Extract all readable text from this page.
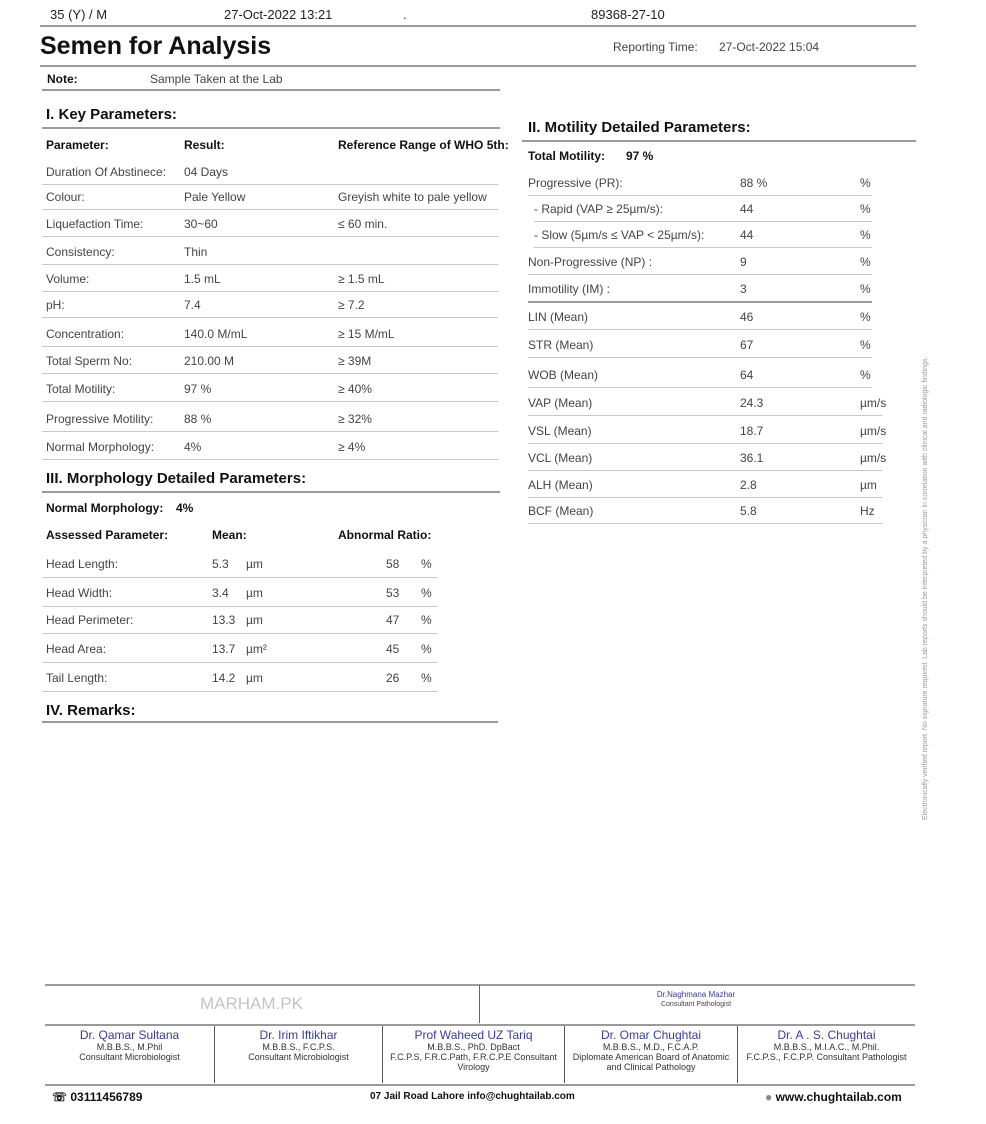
35 (Y) / M	27-Oct-2022 13:21	.	89368-27-10
Semen for Analysis	Reporting Time: 27-Oct-2022 15:04
Note:	Sample Taken at the Lab
I. Key Parameters:
Parameter:	Result:	Reference Range of WHO 5th:
Duration Of Abstinece: 04 Days
Colour:	Pale Yellow	Greyish white to pale yellow
Liquefaction Time:	30~60	≤ 60 min.
Consistency:	Thin
Volume:	1.5 mL	≥ 1.5 mL
pH:	7.4	≥ 7.2
Concentration:	140.0 M/mL	≥ 15 M/mL
Total Sperm No:	210.00 M	≥ 39M
Total Motility:	97 %	≥ 40%
Progressive Motility:	88 %	≥ 32%
Normal Morphology: 4%	≥ 4%
III. Morphology Detailed Parameters:
Normal Morphology: 4%
Assessed Parameter:	Mean:	Abnormal Ratio:
Head Length:	5.3 µm	58 %
Head Width:	3.4 µm	53 %
Head Perimeter:	13.3 µm	47 %
Head Area:	13.7 µm²	45 %
Tail Length:	14.2 µm	26 %
IV. Remarks:
II. Motility Detailed Parameters:
Total Motility: 97 %
Progressive (PR):	88 %	%
- Rapid (VAP ≥ 25µm/s):	44	%
- Slow (5µm/s ≤ VAP < 25µm/s):	44	%
Non-Progressive (NP) :	9	%
Immotility (IM) :	3	%
LIN (Mean)	46	%
STR (Mean)	67	%
WOB (Mean)	64	%
VAP (Mean)	24.3	µm/s
VSL (Mean)	18.7	µm/s
VCL (Mean)	36.1	µm/s
ALH (Mean)	2.8	µm
BCF (Mean)	5.8	Hz	Electronically verified report. No signature required. Lab reports should be interpreted by a physician in correlation with clinical and radiologic findings.
MARHAM.PK	Dr.Naghmana Mazhar
Consultant Pathologist
Dr. Qamar Sultana
M.B.B.S., M.Phil
Consultant Microbiologist
Dr. Irim Iftikhar
M.B.B.S., F.C.P.S.
Consultant Microbiologist
Prof Waheed UZ Tariq
M.B.B.S., PhD. DpBact
F.C.P.S, F.R.C.Path, F.R.C.P.E Consultant
Virology
Dr. Omar Chughtai
M.B.B.S., M.D., F.C.A.P.
Diplomate American Board of Anatomic
and Clinical Pathology
Dr. A . S. Chughtai
M.B.B.S., M.I.A.C., M.Phil.
F.C.P.S., F.C.P.P. Consultant Pathologist
☏ 03111456789	07 Jail Road Lahore info@chughtailab.com	● www.chughtailab.com
